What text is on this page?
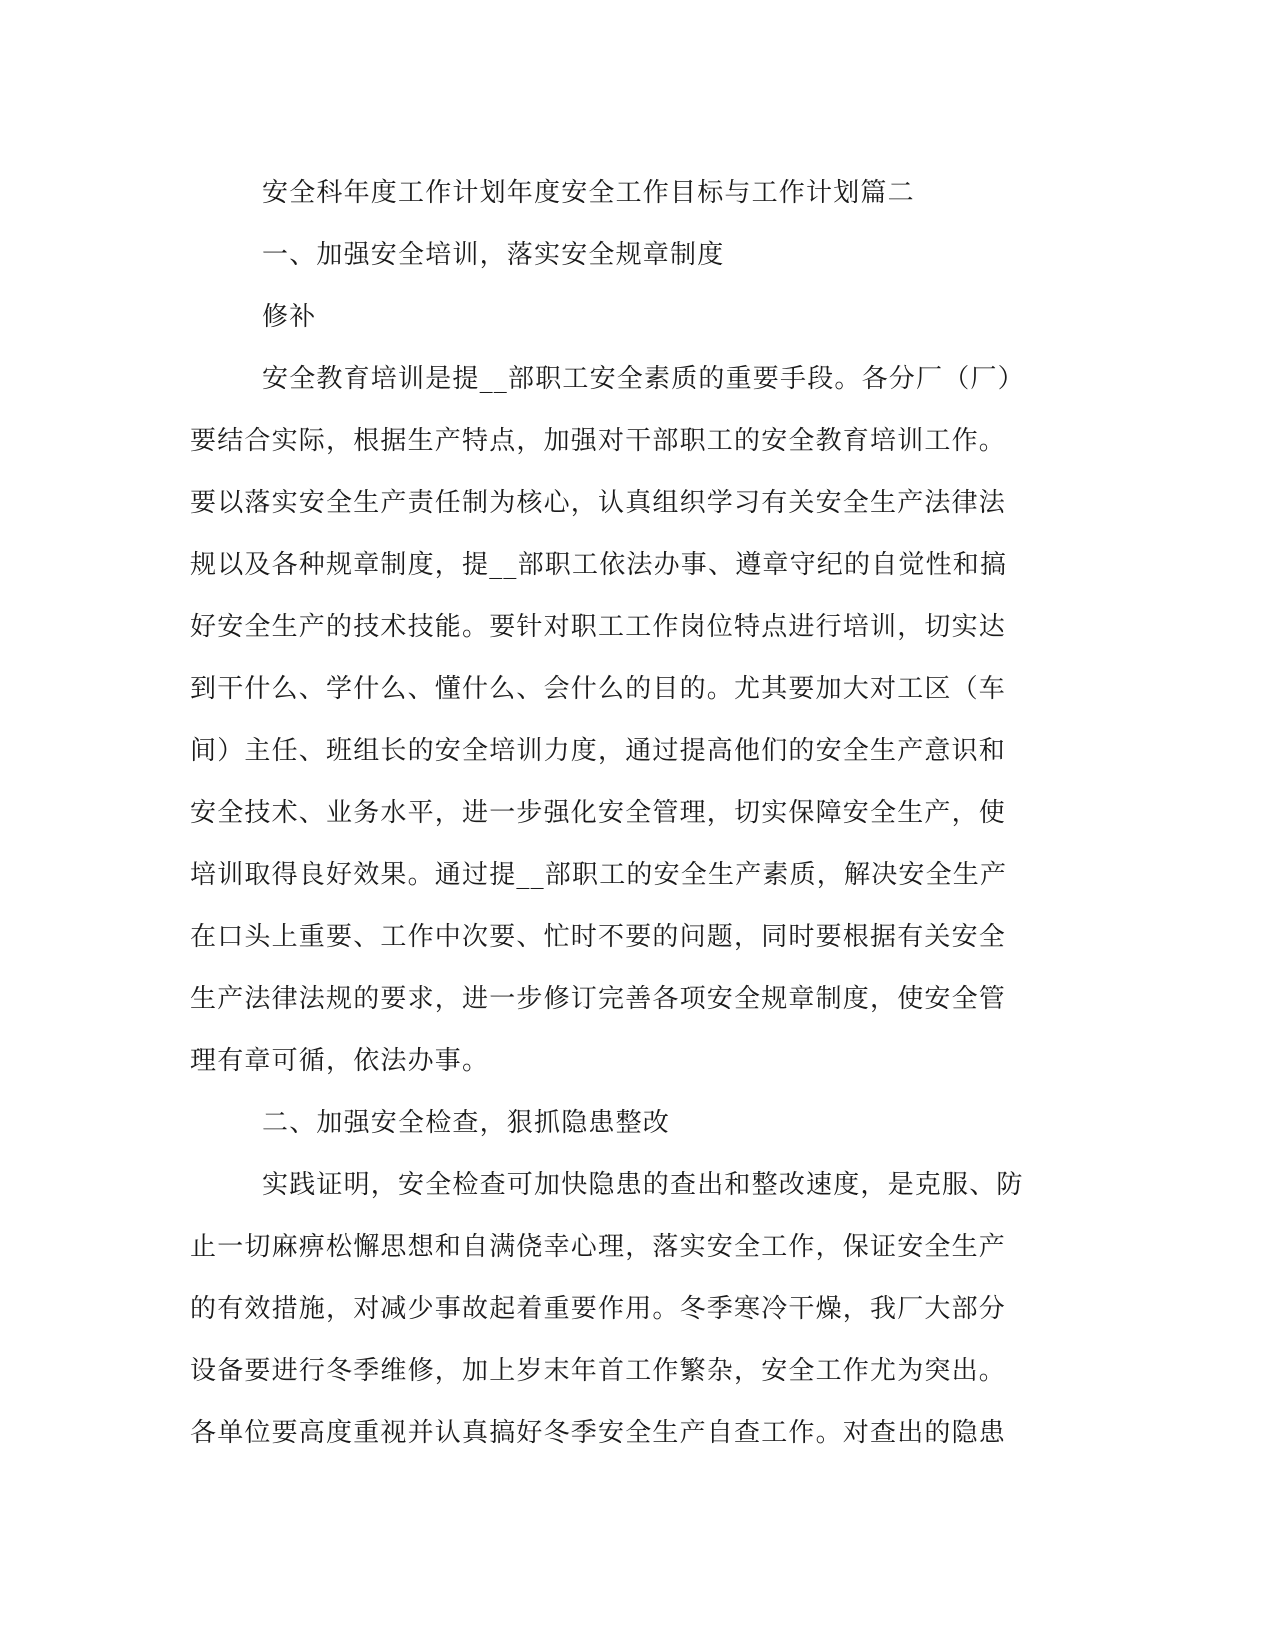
安全科年度工作计划年度安全工作目标与工作计划篇二
一、加强安全培训，落实安全规章制度
修补
安全教育培训是提__部职工安全素质的重要手段。各分厂（厂）
要结合实际，根据生产特点，加强对干部职工的安全教育培训工作。
要以落实安全生产责任制为核心，认真组织学习有关安全生产法律法
规以及各种规章制度，提__部职工依法办事、遵章守纪的自觉性和搞
好安全生产的技术技能。要针对职工工作岗位特点进行培训，切实达
到干什么、学什么、懂什么、会什么的目的。尤其要加大对工区（车
间）主任、班组长的安全培训力度，通过提高他们的安全生产意识和
安全技术、业务水平，进一步强化安全管理，切实保障安全生产，使
培训取得良好效果。通过提__部职工的安全生产素质，解决安全生产
在口头上重要、工作中次要、忙时不要的问题，同时要根据有关安全
生产法律法规的要求，进一步修订完善各项安全规章制度，使安全管
理有章可循，依法办事。
二、加强安全检查，狠抓隐患整改
实践证明，安全检查可加快隐患的查出和整改速度，是克服、防
止一切麻痹松懈思想和自满侥幸心理，落实安全工作，保证安全生产
的有效措施，对减少事故起着重要作用。冬季寒冷干燥，我厂大部分
设备要进行冬季维修，加上岁末年首工作繁杂，安全工作尤为突出。
各单位要高度重视并认真搞好冬季安全生产自查工作。对查出的隐患
